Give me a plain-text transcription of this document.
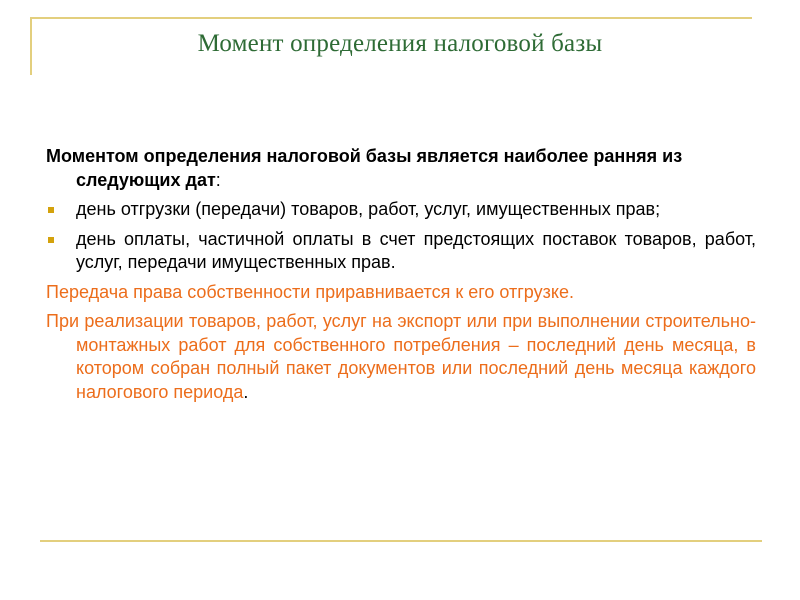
Момент определения налоговой базы

Моментом определения налоговой базы является наиболее ранняя из следующих дат:

день отгрузки (передачи) товаров, работ, услуг, имущественных прав;
день оплаты, частичной оплаты в счет предстоящих поставок товаров, работ, услуг, передачи имущественных прав.

Передача права собственности приравнивается к его отгрузке.

При реализации товаров, работ, услуг на экспорт или при выполнении строительно-монтажных работ для собственного потребления – последний день месяца, в котором собран полный пакет документов или последний день месяца каждого налогового периода.
